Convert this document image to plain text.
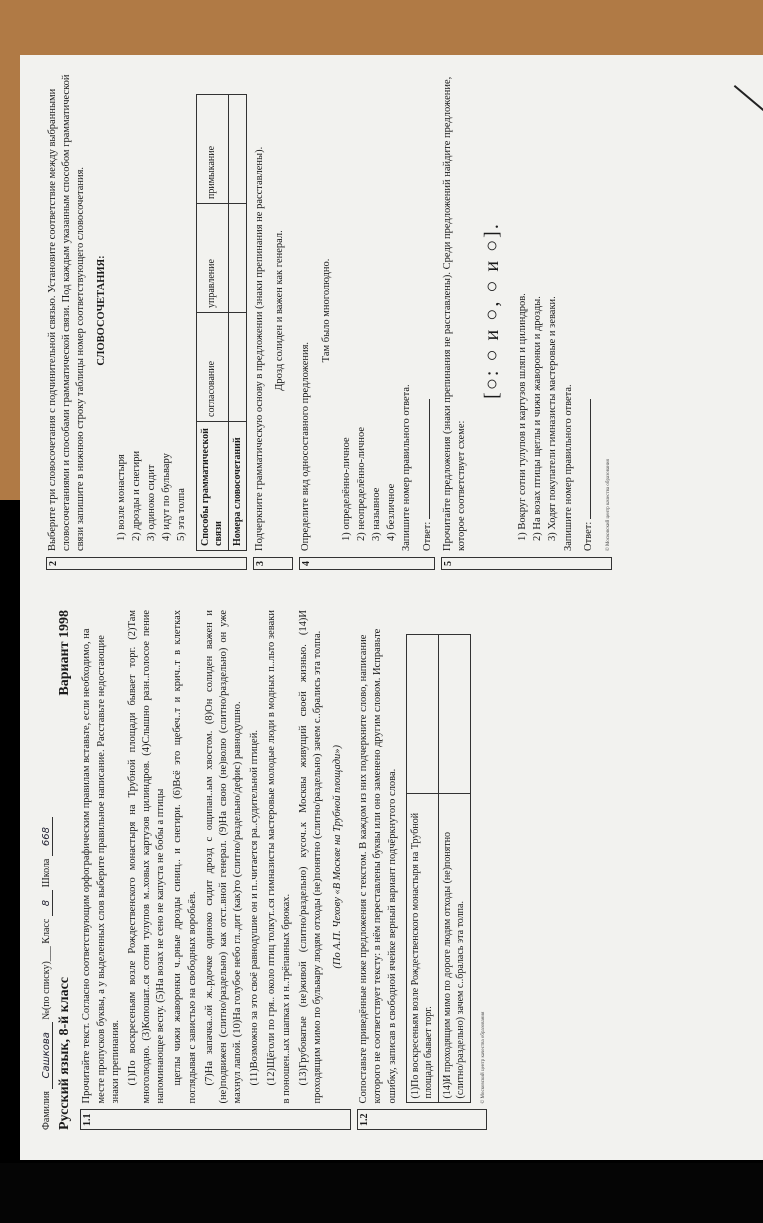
Фамилия Сашкова №(по списку)___ Класс 8 Школа 668
Русский язык, 8-й класс
Вариант 1998
1.1
Прочитайте текст. Согласно соответствующим орфографическим правилам вставьте, если необходимо, на месте пропусков буквы, а у выделенных слов выберите правильное написание. Расставьте недостающие знаки препинания. (1)По воскресеньям возле Рождественского монастыря на Трубной площади бывает торг. (2)Там многолюдно. (3)Копошат..ся сотни тулупов м..ховых картузов цилиндров. (4)Слышно разн..голосое пение напоминающее весну. (5)На возах не сено не капуста не бобы а птицы щеглы чижи жаворонки ч..рные дрозды синиц.. и снегири. (6)Всё это щебеч..т и крич..т в клетках поглядывая с завистью на свободных воробьёв. (7)На запачка..ой ж..рдочке одиноко сидит дрозд с ощипан..ым хвостом. (8)Он солиден важен и (не)подвижен (слитно/раздельно) как отст..вной генерал. (9)На свою (не)волю (слитно/раздельно) он уже махнул лапой. (10)На голубое небо гл..дит (как)то (слитно/раздельно/дефис) равнодушно. (11)Возможно за это своё равнодушие он и п..читается ра..судительной птицей. (12)Щёголи по гря.. около птиц толкут..ся гимназисты мастеровые молодые люди в модных п..льто зеваки в поношен..ых шапках и н..трёпанных брюках. (13)Грубоватые (не)живой (слитно/раздельно) кусоч..к Москвы живущий своей жизнью. (14)И проходящим мимо по бульвару людям отходы (не)понятно (слитно/раздельно) зачем с..брались эта толпа. (По А.П. Чехову «В Москве на Трубной площади»)
1.2
Сопоставьте приведённые ниже предложения с текстом. В каждом из них подчеркните слово, написание которого не соответствует тексту: в нём переставлены буквы или оно заменено другим словом. Исправьте ошибку, записав в свободной ячейке верный вариант подчёркнутого слова. (1)По воскресеньям возле Рождественского монастыря на Трубной площади бывает торг.	
(14)И проходящим мимо по дороге людям отходы (не)понятно (слитно/раздельно) зачем с..бралась эта толпа.		© Московский центр качества образования
2
Выберите три словосочетания с подчинительной связью. Установите соответствие между выбранными словосочетаниями и способами грамматической связи. Под каждым указанным способом грамматической связи запишите в нижнюю строку таблицы номер соответствующего словосочетания. СЛОВОСОЧЕТАНИЯ:
1) возле монастыря 2) дрозды и снегири 3) одиноко сидит 4) идут по бульвару 5) эта толпа Способы грамматической связи	согласование	управление	примыкание
Номера словосочетаний			
3
Подчеркните грамматическую основу в предложении (знаки препинания не расставлены). Дрозд солиден и важен как генерал.
4
Определите вид односоставного предложения.
Там было многолюдно.
1) определённо-личное 2) неопределённо-личное 3) назывное 4) безличное Запишите номер правильного ответа. Ответ:
5
Прочитайте предложения (знаки препинания не расставлены). Среди предложений найдите предложение, которое соответствует схеме:
[○: ○ и ○, ○ и ○]. 1) Вокруг сотни тулупов и картузов шляп и цилиндров. 2) На возах птицы щеглы и чижи жаворонки и дрозды. 3) Ходят покупатели гимназисты мастеровые и зеваки. Запишите номер правильного ответа. Ответ:	© Московский центр качества образования
